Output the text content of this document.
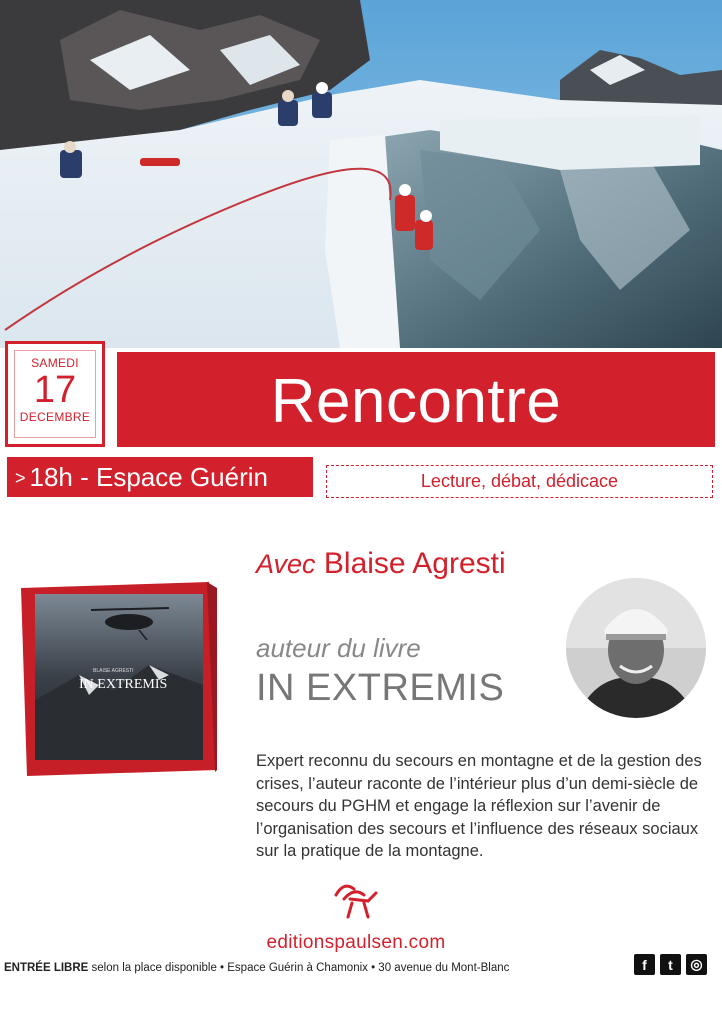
SAMEDI
17
DECEMBRE	Rencontre
> 18h - Espace Guérin	Lecture, débat, dédicace
Avec Blaise Agresti
auteur du livre
IN EXTREMIS
IN EXTREMIS
BLAISE AGRESTI
Expert reconnu du secours en montagne et de la gestion des crises, l’auteur raconte de l’intérieur plus d’un demi-siècle de secours du PGHM et engage la réflexion sur l’avenir de l’organisation des secours et l’influence des réseaux sociaux sur la pratique de la montagne.
editionspaulsen.com
ENTRÉE LIBRE selon la place disponible • Espace Guérin à Chamonix • 30 avenue du Mont-Blanc	f	t	◎
